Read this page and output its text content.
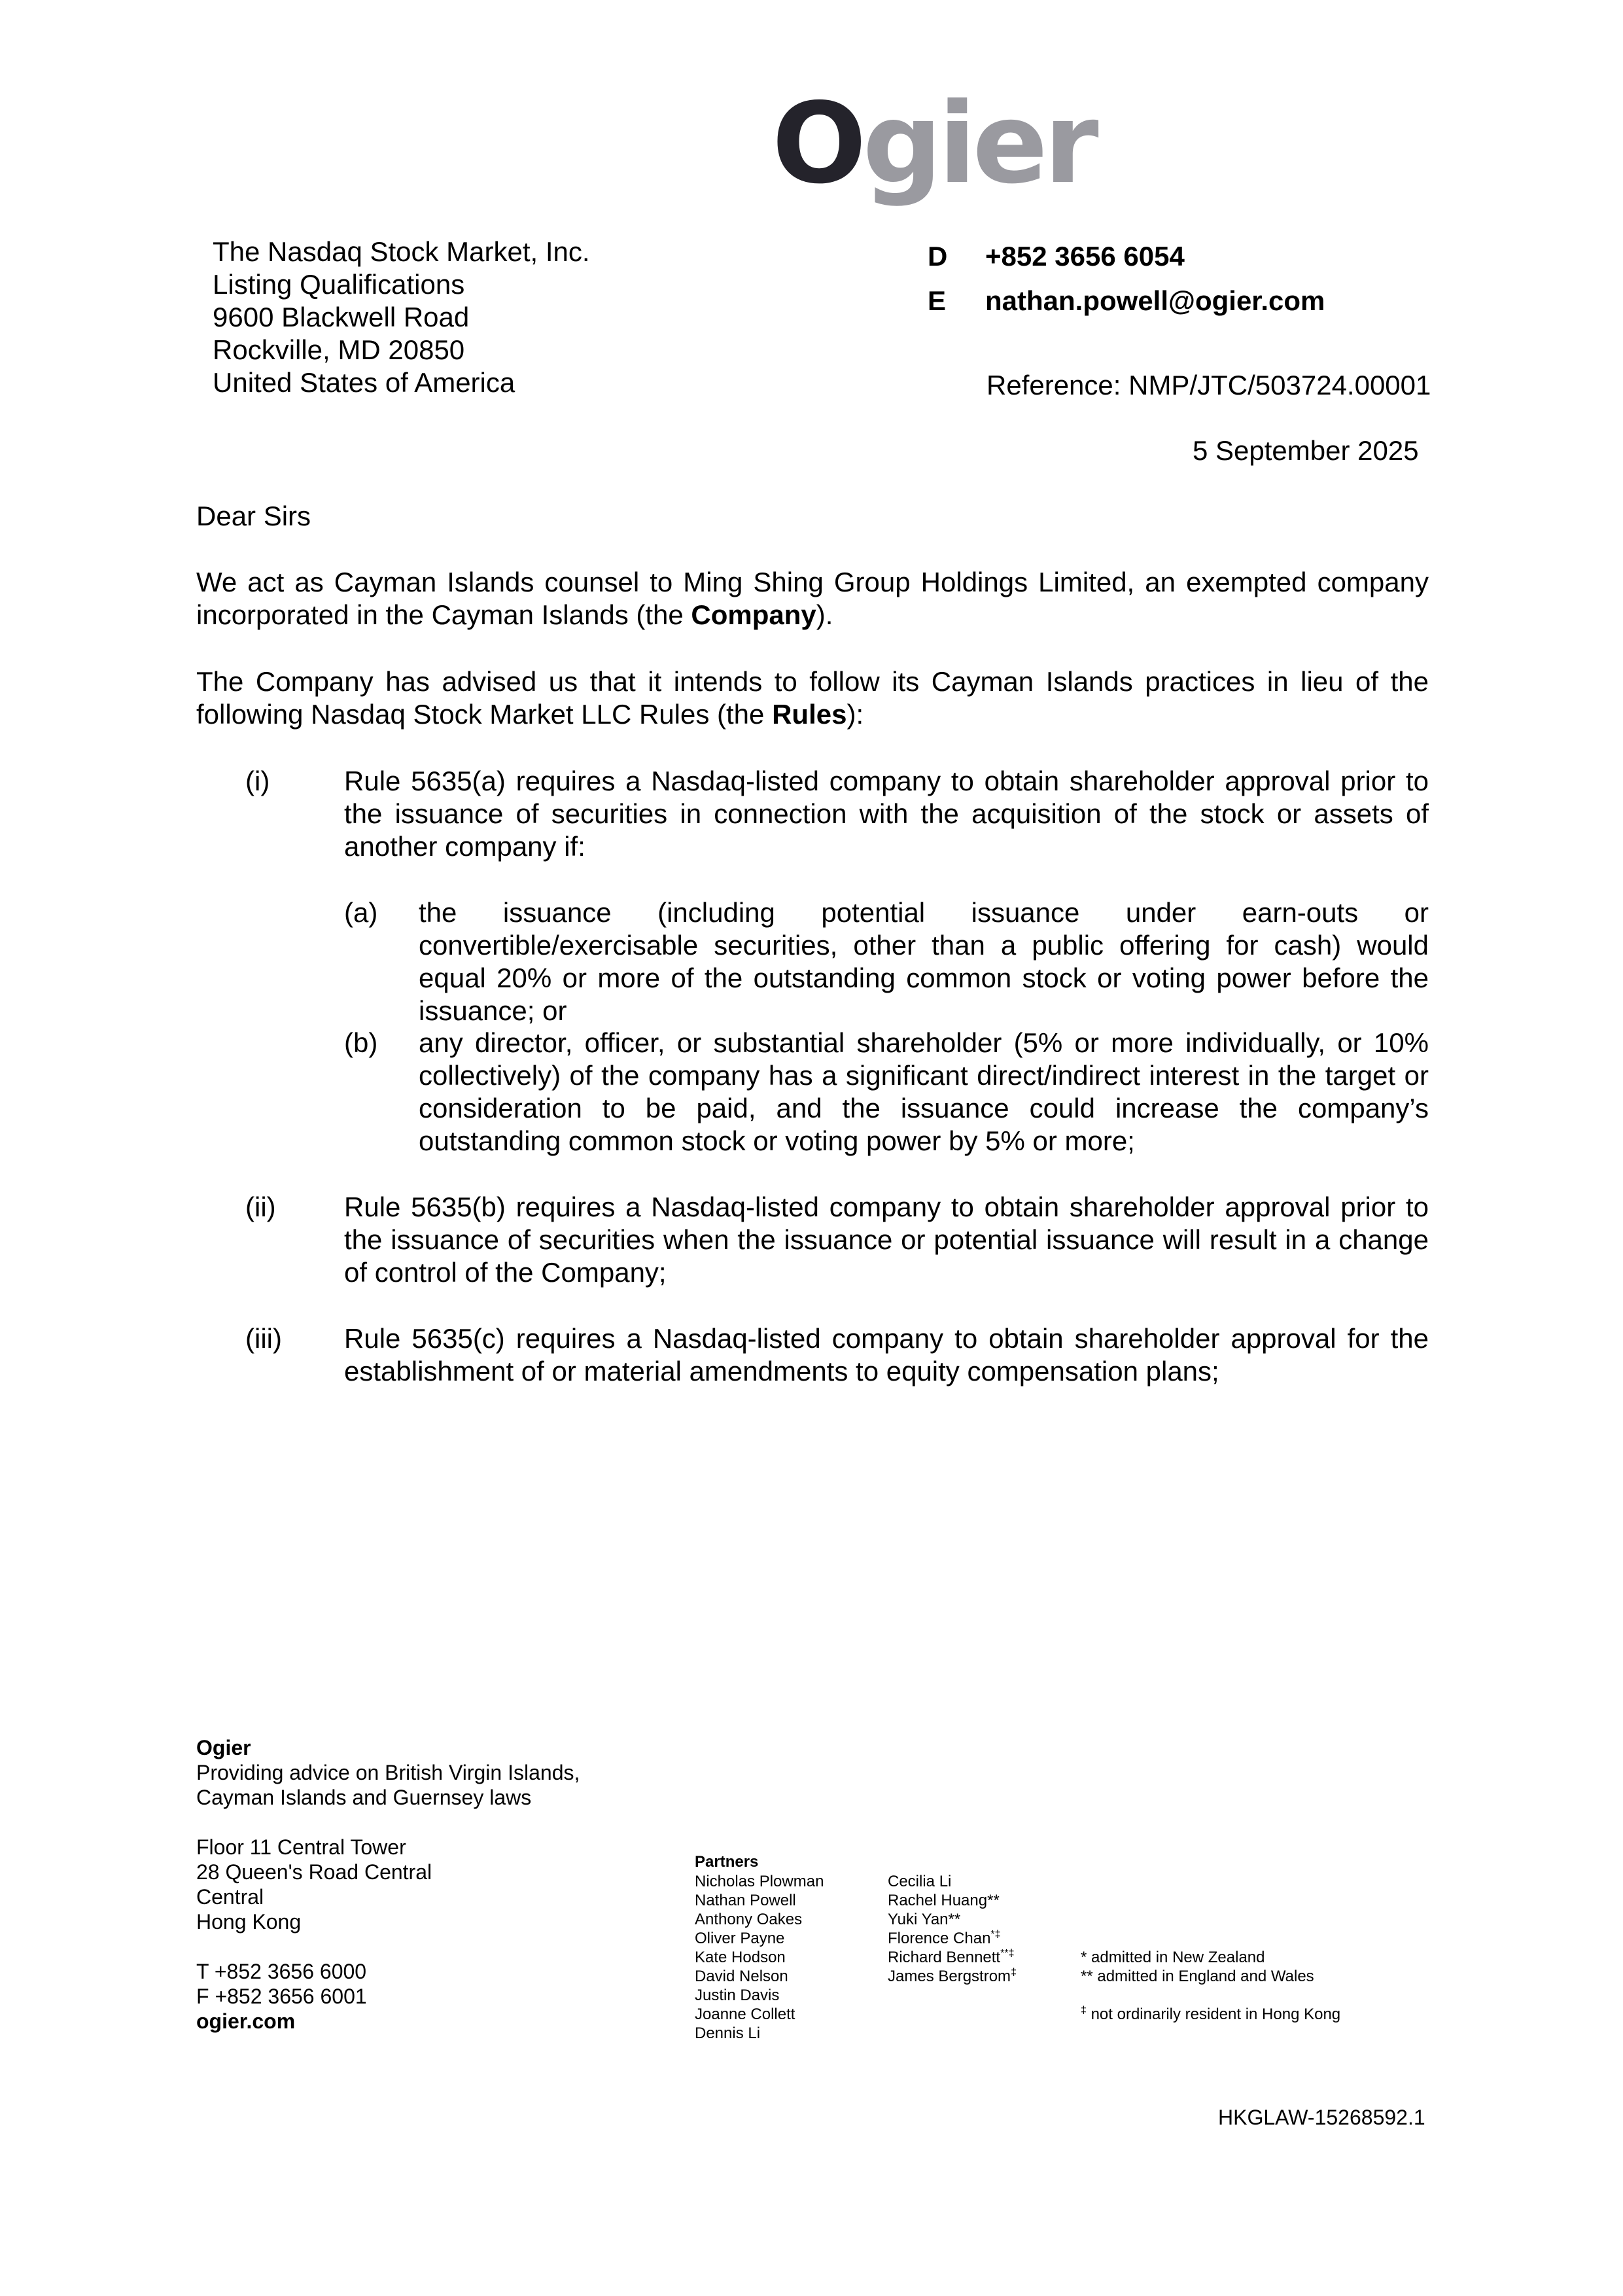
Ogier
The Nasdaq Stock Market, Inc.
Listing Qualifications
9600 Blackwell Road
Rockville, MD 20850
United States of America
D	+852 3656 6054
E	nathan.powell@ogier.com
Reference: NMP/JTC/503724.00001
5 September 2025
Dear Sirs
We act as Cayman Islands counsel to Ming Shing Group Holdings Limited, an exempted company incorporated in the Cayman Islands (the Company).
The Company has advised us that it intends to follow its Cayman Islands practices in lieu of the following Nasdaq Stock Market LLC Rules (the Rules):
(i)	Rule 5635(a) requires a Nasdaq-listed company to obtain shareholder approval prior to the issuance of securities in connection with the acquisition of the stock or assets of another company if:
(a) the issuance (including potential issuance under earn-outs or convertible/exercisable securities, other than a public offering for cash) would equal 20% or more of the outstanding common stock or voting power before the issuance; or
(b) any director, officer, or substantial shareholder (5% or more individually, or 10% collectively) of the company has a significant direct/indirect interest in the target or consideration to be paid, and the issuance could increase the company’s outstanding common stock or voting power by 5% or more;
(ii) Rule 5635(b) requires a Nasdaq-listed company to obtain shareholder approval prior to the issuance of securities when the issuance or potential issuance will result in a change of control of the Company;
(iii) Rule 5635(c) requires a Nasdaq-listed company to obtain shareholder approval for the establishment of or material amendments to equity compensation plans;
Ogier
Providing advice on British Virgin Islands,
Cayman Islands and Guernsey laws
Floor 11 Central Tower
28 Queen's Road Central
Central
Hong Kong
T +852 3656 6000
F +852 3656 6001
ogier.com
Partners
Nicholas Plowman
Nathan Powell
Anthony Oakes
Oliver Payne
Kate Hodson
David Nelson
Justin Davis
Joanne Collett
Dennis Li
Cecilia Li
Rachel Huang**
Yuki Yan**
Florence Chan*‡
Richard Bennett**‡
James Bergstrom‡
* admitted in New Zealand
** admitted in England and Wales
‡ not ordinarily resident in Hong Kong
HKGLAW-15268592.1
